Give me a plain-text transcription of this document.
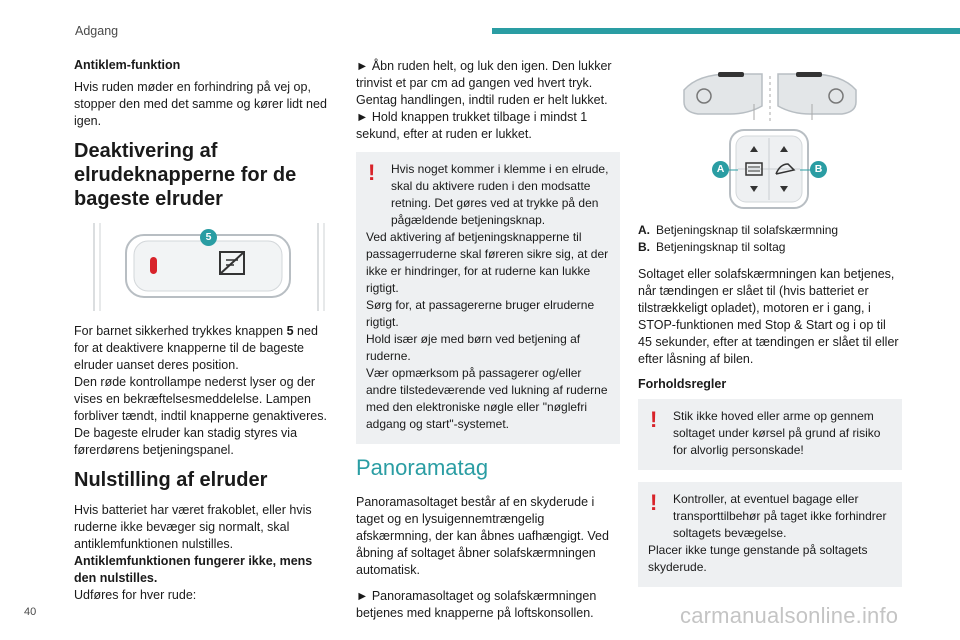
Adgang
Antiklem-funktion

Hvis ruden møder en forhindring på vej op, stopper den med det samme og kører lidt ned igen.

Deaktivering af elrudeknapperne for de bageste elruder
5

For barnet sikkerhed trykkes knappen 5 ned for at deaktivere knapperne til de bageste elruder uanset deres position.

Den røde kontrollampe nederst lyser og der vises en bekræftelsesmeddelelse. Lampen forbliver tændt, indtil knapperne genaktiveres.

De bageste elruder kan stadig styres via førerdørens betjeningspanel.

Nulstilling af elruder

Hvis batteriet har været frakoblet, eller hvis ruderne ikke bevæger sig normalt, skal antiklemfunktionen nulstilles.

Antiklemfunktionen fungerer ikke, mens den nulstilles.

Udføres for hver rude:

► Åbn ruden helt, og luk den igen. Den lukker trinvist et par cm ad gangen ved hvert tryk. Gentag handlingen, indtil ruden er helt lukket.

► Hold knappen trukket tilbage i mindst 1 sekund, efter at ruden er lukket.

!	Hvis noget kommer i klemme i en elrude, skal du aktivere ruden i den modsatte retning. Det gøres ved at trykke på den pågældende betjeningsknap.

Ved aktivering af betjeningsknapperne til passagerruderne skal føreren sikre sig, at der ikke er hindringer, for at ruderne kan lukke rigtigt.

Sørg for, at passagererne bruger elruderne rigtigt.

Hold især øje med børn ved betjening af ruderne.

Vær opmærksom på passagerer og/eller andre tilstedeværende ved lukning af ruderne med den elektroniske nøgle eller "nøglefri adgang og start"-systemet.

Panoramatag

Panoramasoltaget består af en skyderude i taget og en lysuigennemtrængelig afskærmning, der kan åbnes uafhængigt. Ved åbning af soltaget åbner solafskærmningen automatisk.

► Panoramasoltaget og solafskærmningen betjenes med knapperne på loftskonsollen.

A	B
A. Betjeningsknap til solafskærmning
B. Betjeningsknap til soltag

Soltaget eller solafskærmningen kan betjenes, når tændingen er slået til (hvis batteriet er tilstrækkeligt opladet), motoren er i gang, i STOP-funktionen med Stop & Start og i op til 45 sekunder, efter at tændingen er slået til eller efter låsning af bilen.

Forholdsregler
!	Stik ikke hoved eller arme op gennem soltaget under kørsel på grund af risiko for alvorlig personskade!

!	Kontroller, at eventuel bagage eller transporttilbehør på taget ikke forhindrer soltagets bevægelse.

Placer ikke tunge genstande på soltagets skyderude.

40	carmanualsonline.info
